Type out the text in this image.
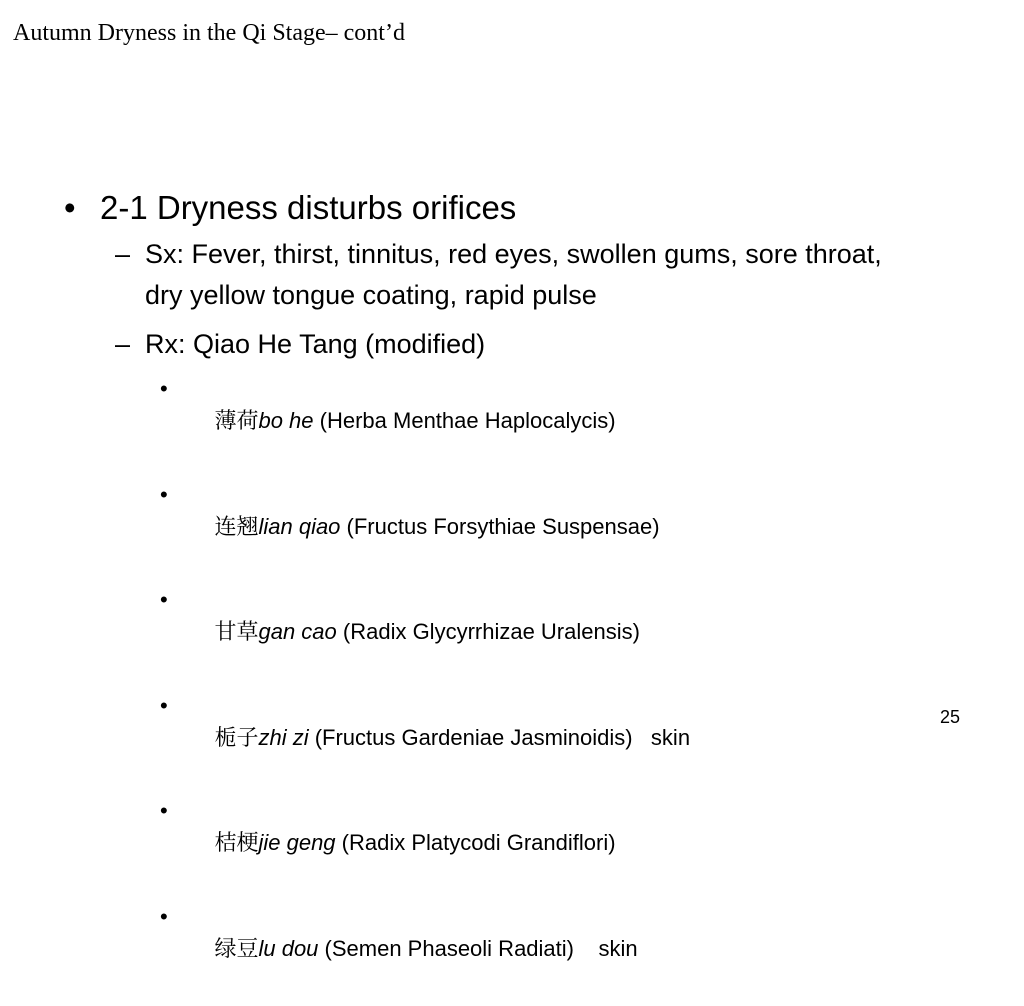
Autumn Dryness in the Qi Stage– cont’d
• 2-1 Dryness disturbs orifices
– Sx: Fever, thirst, tinnitus, red eyes, swollen gums, sore throat, dry yellow tongue coating, rapid pulse
– Rx: Qiao He Tang (modified)

•
薄荷bo he (Herba Menthae Haplocalycis)

•
连翘lian qiao (Fructus Forsythiae Suspensae)

•
甘草gan cao (Radix Glycyrrhizae Uralensis)

•
栀子zhi zi (Fructus Gardeniae Jasminoidis)   skin

•
桔梗jie geng (Radix Platycodi Grandiflori)

•
绿豆lu dou (Semen Phaseoli Radiati)    skin

25
